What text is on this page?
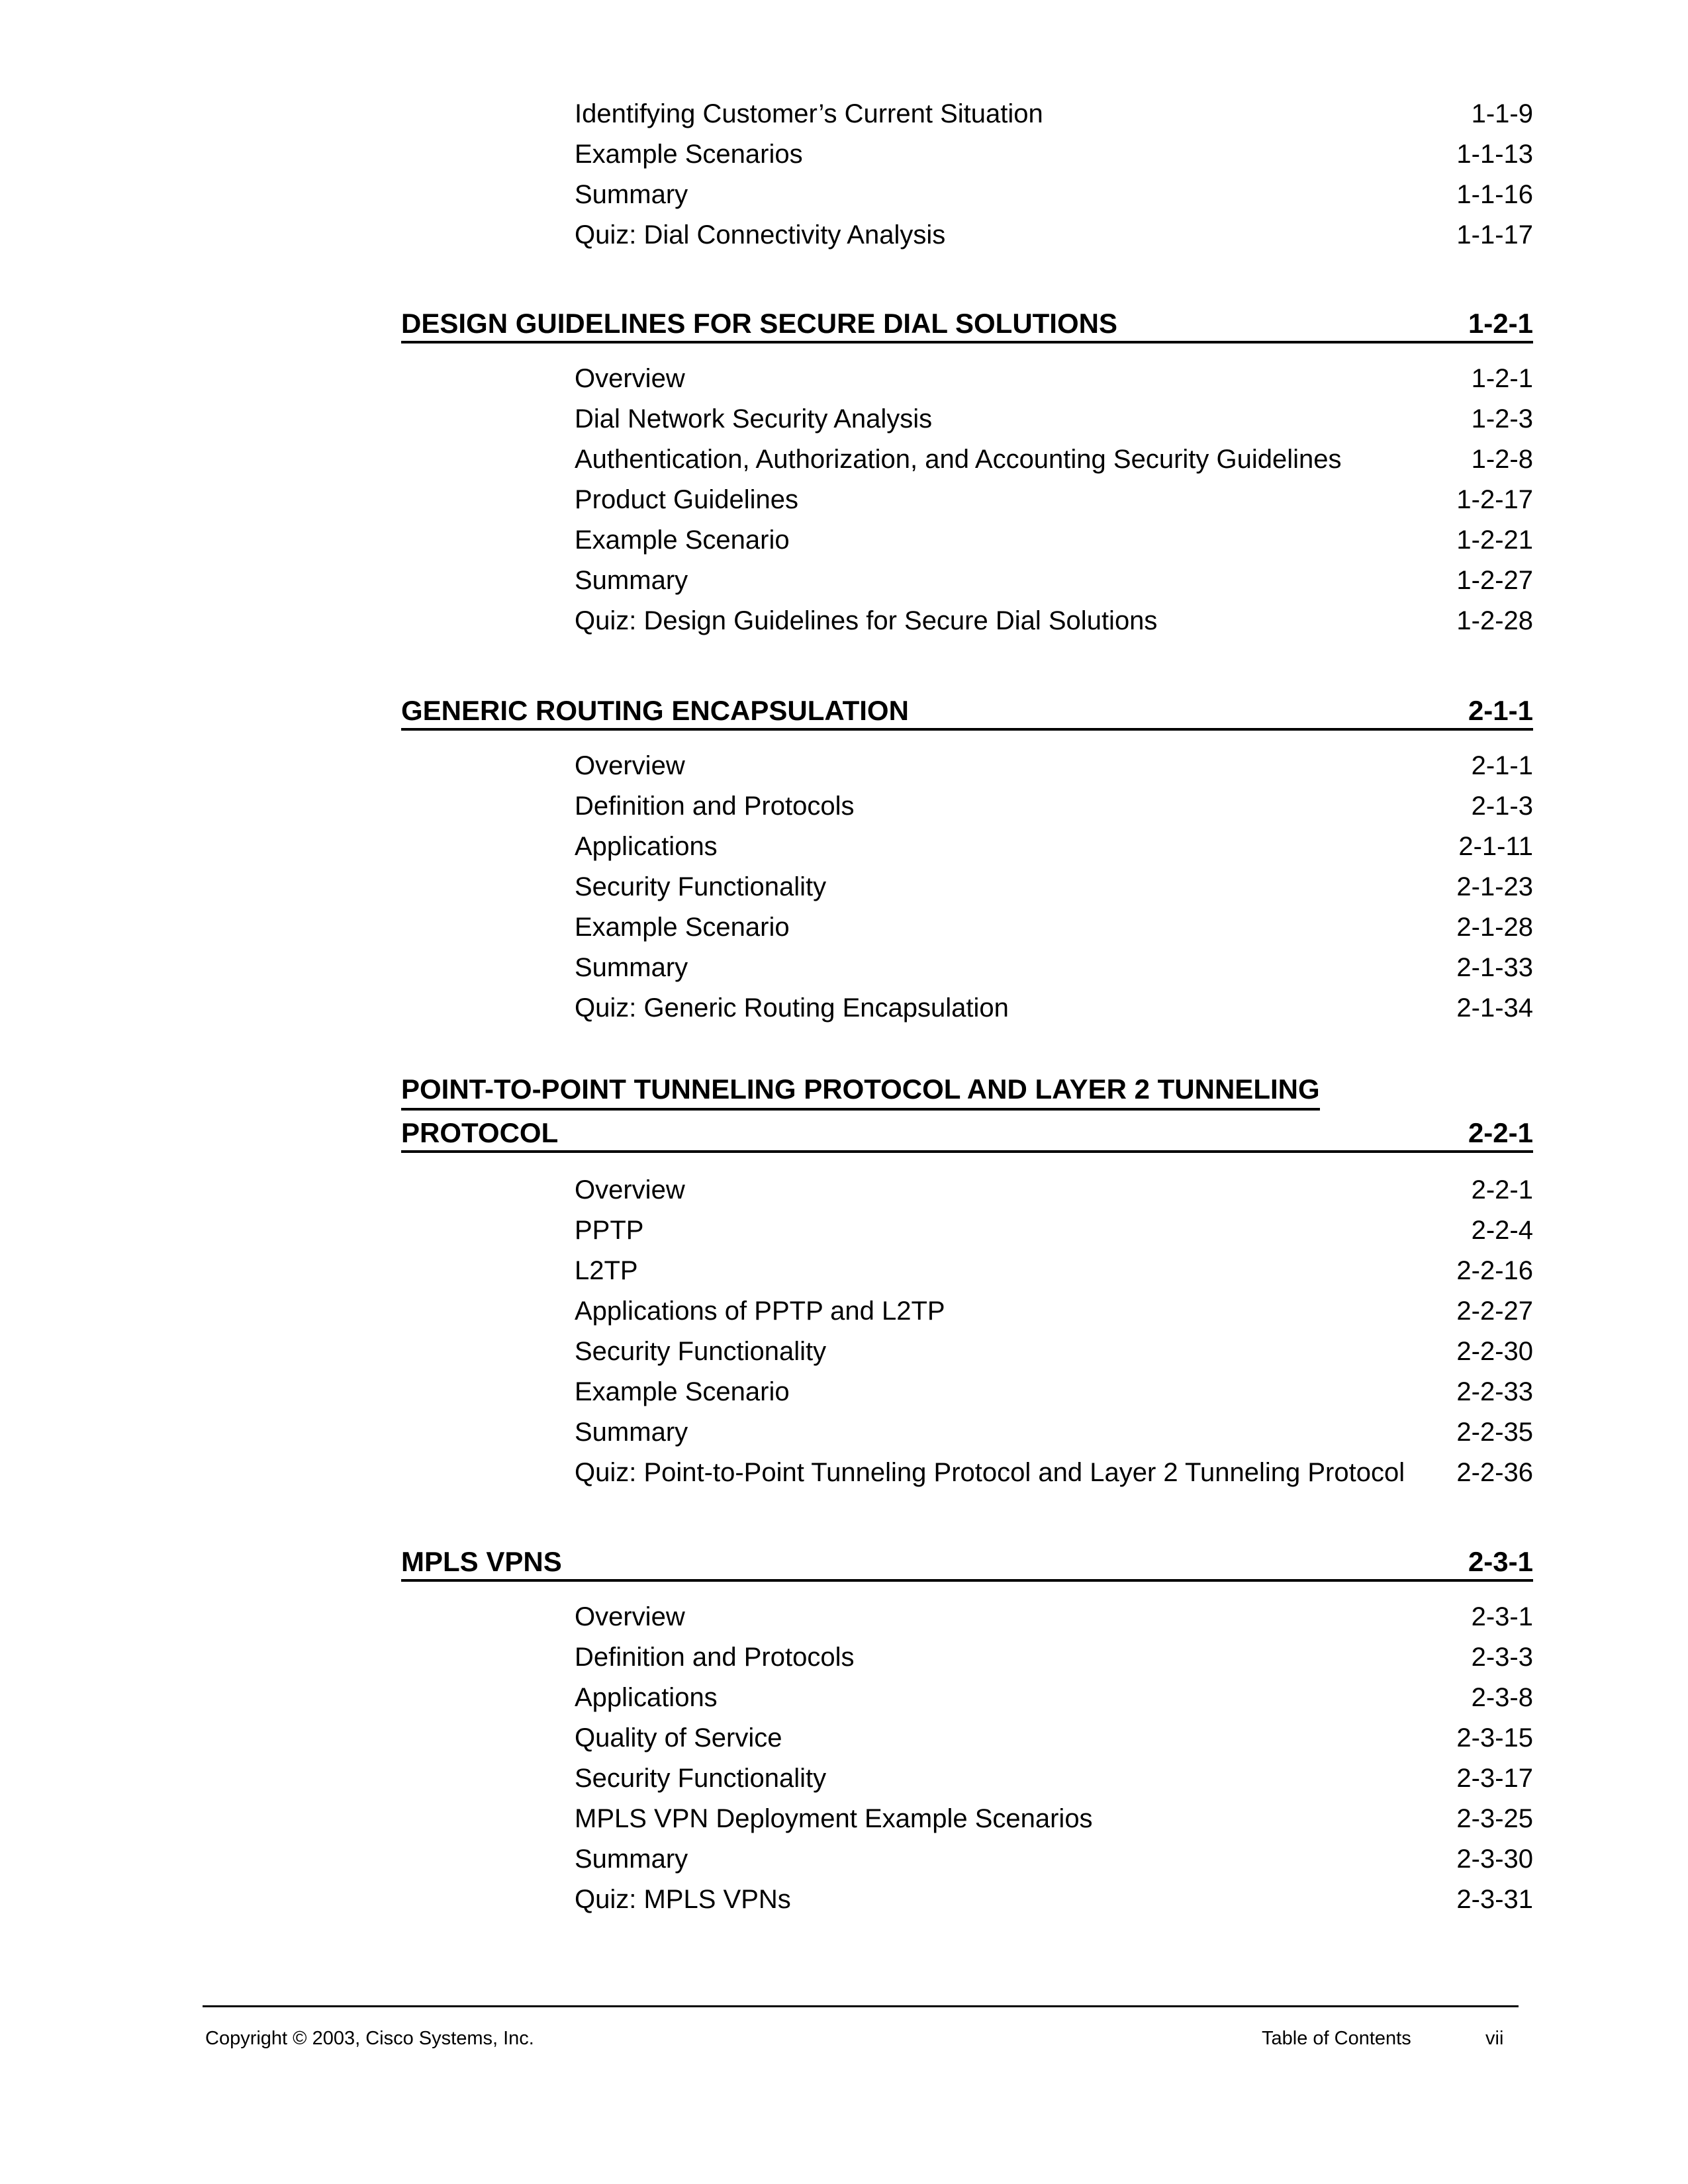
Identifying Customer’s Current Situation	1-1-9
Example Scenarios	1-1-13
Summary	1-1-16
Quiz: Dial Connectivity Analysis	1-1-17
DESIGN GUIDELINES FOR SECURE DIAL SOLUTIONS	1-2-1
Overview	1-2-1
Dial Network Security Analysis	1-2-3
Authentication, Authorization, and Accounting Security Guidelines	1-2-8
Product Guidelines	1-2-17
Example Scenario	1-2-21
Summary	1-2-27
Quiz: Design Guidelines for Secure Dial Solutions	1-2-28
GENERIC ROUTING ENCAPSULATION	2-1-1
Overview	2-1-1
Definition and Protocols	2-1-3
Applications	2-1-11
Security Functionality	2-1-23
Example Scenario	2-1-28
Summary	2-1-33
Quiz: Generic Routing Encapsulation	2-1-34
POINT-TO-POINT TUNNELING PROTOCOL AND LAYER 2 TUNNELING
PROTOCOL	2-2-1
Overview	2-2-1
PPTP	2-2-4
L2TP	2-2-16
Applications of PPTP and L2TP	2-2-27
Security Functionality	2-2-30
Example Scenario	2-2-33
Summary	2-2-35
Quiz: Point-to-Point Tunneling Protocol and Layer 2 Tunneling Protocol 2-2-36
MPLS VPNS	2-3-1
Overview	2-3-1
Definition and Protocols	2-3-3
Applications	2-3-8
Quality of Service	2-3-15
Security Functionality	2-3-17
MPLS VPN Deployment Example Scenarios	2-3-25
Summary	2-3-30
Quiz: MPLS VPNs	2-3-31
Copyright © 2003, Cisco Systems, Inc.	Table of Contents	vii
